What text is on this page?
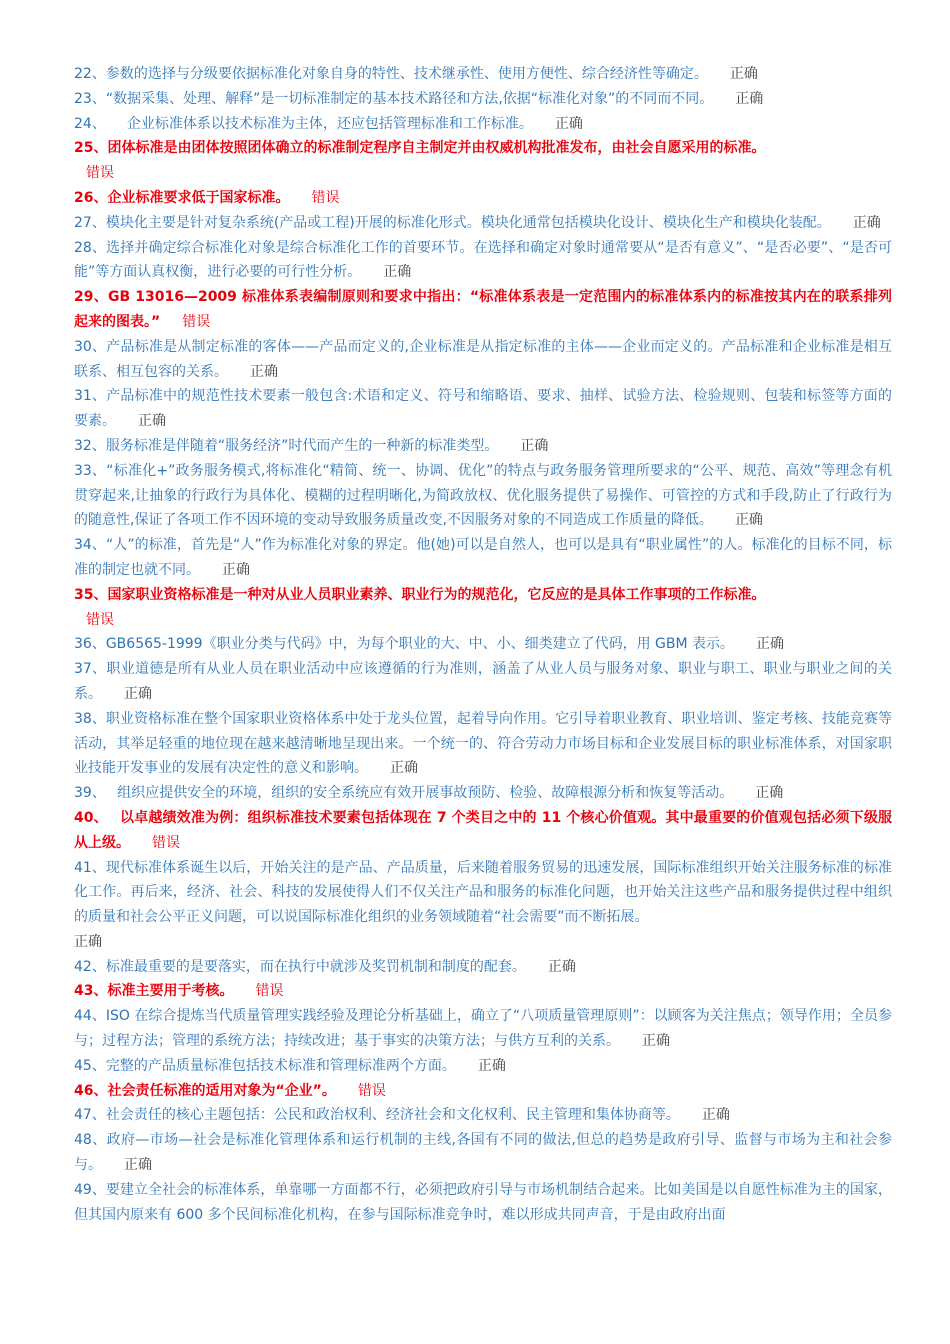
22、参数的选择与分级要依据标准化对象自身的特性、技术继承性、使用方便性、综合经济性等确定。 正确

23、“数据采集、处理、解释”是一切标准制定的基本技术路径和方法,依据“标准化对象”的不同而不同。 正确

24、　　企业标准体系以技术标准为主体，还应包括管理标准和工作标准。 正确

25、团体标准是由团体按照团体确立的标准制定程序自主制定并由权威机构批准发布，由社会自愿采用的标准。
错误

26、企业标准要求低于国家标准。 错误

27、模块化主要是针对复杂系统(产品或工程)开展的标准化形式。模块化通常包括模块化设计、模块化生产和模块化装配。 正确

28、选择并确定综合标准化对象是综合标准化工作的首要环节。在选择和确定对象时通常要从“是否有意义”、“是否必要”、“是否可能”等方面认真权衡，进行必要的可行性分析。 正确

29、GB 13016—2009 标准体系表编制原则和要求中指出：“标准体系表是一定范围内的标准体系内的标准按其内在的联系排列起来的图表。” 错误

30、产品标准是从制定标准的客体——产品而定义的,企业标准是从指定标准的主体——企业而定义的。产品标准和企业标准是相互联系、相互包容的关系。 正确

31、产品标准中的规范性技术要素一般包含:术语和定义、符号和缩略语、要求、抽样、试验方法、检验规则、包装和标签等方面的要素。 正确

32、服务标准是伴随着“服务经济”时代而产生的一种新的标准类型。 正确

33、“标准化+”政务服务模式,将标准化“精简、统一、协调、优化”的特点与政务服务管理所要求的“公平、规范、高效”等理念有机贯穿起来,让抽象的行政行为具体化、模糊的过程明晰化,为简政放权、优化服务提供了易操作、可管控的方式和手段,防止了行政行为的随意性,保证了各项工作不因环境的变动导致服务质量改变,不因服务对象的不同造成工作质量的降低。 正确

34、“人”的标准，首先是“人”作为标准化对象的界定。他(她)可以是自然人，也可以是具有“职业属性”的人。标准化的目标不同，标准的制定也就不同。 正确

35、国家职业资格标准是一种对从业人员职业素养、职业行为的规范化，它反应的是具体工作事项的工作标准。
错误

36、GB6565-1999《职业分类与代码》中，为每个职业的大、中、小、细类建立了代码，用 GBM 表示。 正确

37、职业道德是所有从业人员在职业活动中应该遵循的行为准则，涵盖了从业人员与服务对象、职业与职工、职业与职业之间的关系。 正确

38、职业资格标准在整个国家职业资格体系中处于龙头位置，起着导向作用。它引导着职业教育、职业培训、鉴定考核、技能竞赛等活动，其举足轻重的地位现在越来越清晰地呈现出来。一个统一的、符合劳动力市场目标和企业发展目标的职业标准体系，对国家职业技能开发事业的发展有决定性的意义和影响。 正确

39、　 组织应提供安全的环境，组织的安全系统应有效开展事故预防、检验、故障根源分析和恢复等活动。 正确

40、　 以卓越绩效准为例：组织标准技术要素包括体现在 7 个类目之中的 11 个核心价值观。其中最重要的价值观包括必须下级服从上级。 错误

41、现代标准体系诞生以后，开始关注的是产品、产品质量，后来随着服务贸易的迅速发展，国际标准组织开始关注服务标准的标准化工作。再后来，经济、社会、科技的发展使得人们不仅关注产品和服务的标准化问题，也开始关注这些产品和服务提供过程中组织的质量和社会公平正义问题，可以说国际标准化组织的业务领域随着“社会需要”而不断拓展。
正确

42、标准最重要的是要落实，而在执行中就涉及奖罚机制和制度的配套。 正确

43、标准主要用于考核。 错误

44、ISO 在综合提炼当代质量管理实践经验及理论分析基础上，确立了“八项质量管理原则”：以顾客为关注焦点；领导作用；全员参与；过程方法；管理的系统方法；持续改进；基于事实的决策方法；与供方互利的关系。 正确

45、完整的产品质量标准包括技术标准和管理标准两个方面。 正确

46、社会责任标准的适用对象为“企业”。 错误

47、社会责任的核心主题包括：公民和政治权利、经济社会和文化权利、民主管理和集体协商等。 正确

48、政府—市场—社会是标准化管理体系和运行机制的主线,各国有不同的做法,但总的趋势是政府引导、监督与市场为主和社会参与。 正确

49、要建立全社会的标准体系，单靠哪一方面都不行，必须把政府引导与市场机制结合起来。比如美国是以自愿性标准为主的国家，但其国内原来有 600 多个民间标准化机构，在参与国际标准竞争时，难以形成共同声音，于是由政府出面
